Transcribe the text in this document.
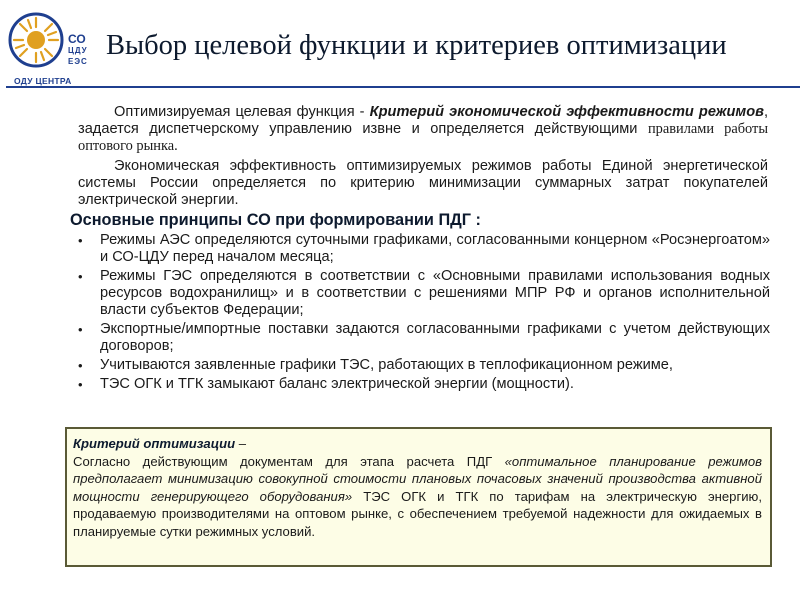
СО
ЦДУ
ЕЭС
ОДУ ЦЕНТРА
Выбор целевой функции и критериев оптимизации

Оптимизируемая целевая функция - Критерий экономической эффективности режимов, задается диспетчерскому управлению извне и определяется действующими правилами работы оптового рынка.

Экономическая эффективность оптимизируемых режимов работы Единой энергетической системы России определяется по критерию минимизации суммарных затрат покупателей электрической энергии.

Основные принципы СО при формировании ПДГ :
• Режимы АЭС определяются суточными графиками, согласованными концерном «Росэнергоатом» и СО-ЦДУ перед началом месяца;
• Режимы ГЭС определяются в соответствии с «Основными правилами использования водных ресурсов водохранилищ» и в соответствии с решениями МПР РФ и органов исполнительной власти субъектов Федерации;
• Экспортные/импортные поставки задаются согласованными графиками с учетом действующих договоров;
• Учитываются заявленные графики ТЭС, работающих в теплофикационном режиме,
• ТЭС ОГК и ТГК замыкают баланс электрической энергии (мощности).
Критерий оптимизации –

Согласно действующим документам для этапа расчета ПДГ «оптимальное планирование режимов предполагает минимизацию совокупной стоимости плановых почасовых значений производства активной мощности генерирующего оборудования» ТЭС ОГК и ТГК по тарифам на электрическую энергию, продаваемую производителями на оптовом рынке, с обеспечением требуемой надежности для ожидаемых в планируемые сутки режимных условий.
